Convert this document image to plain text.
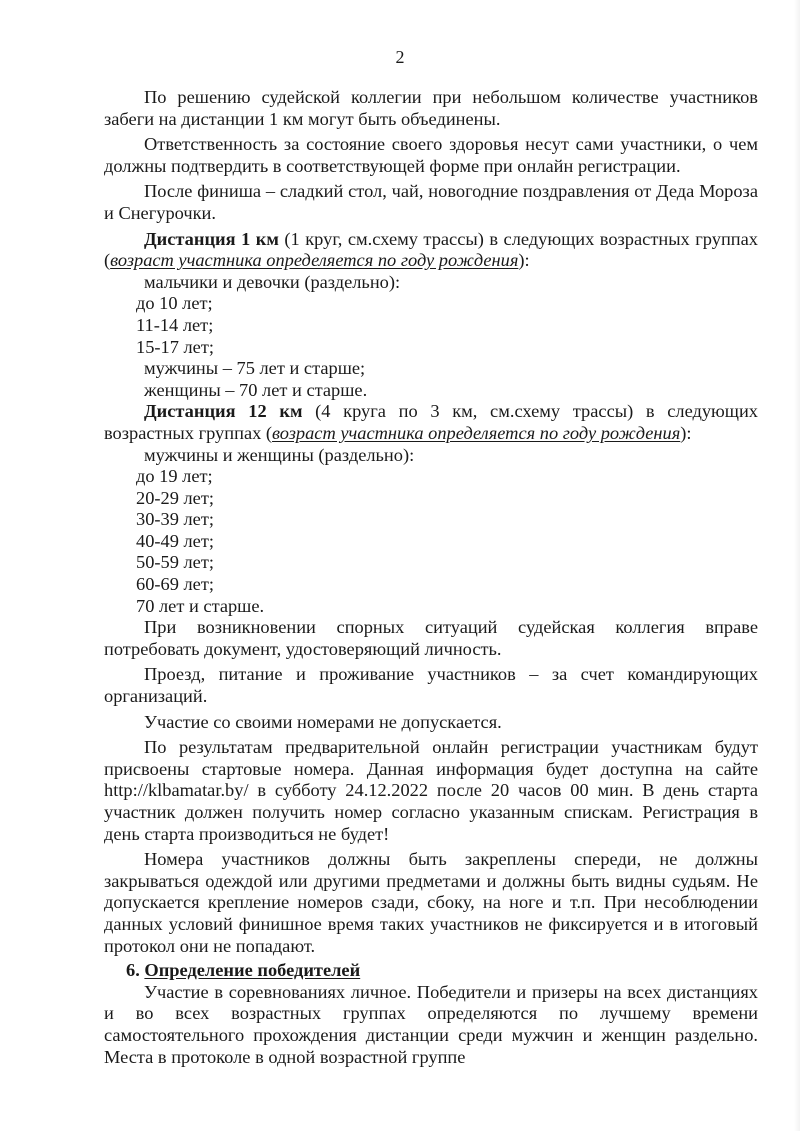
2

По решению судейской коллегии при небольшом количестве участников забеги на дистанции 1 км могут быть объединены.

Ответственность за состояние своего здоровья несут сами участники, о чем должны подтвердить в соответствующей форме при онлайн регистрации.

После финиша – сладкий стол, чай, новогодние поздравления от Деда Мороза и Снегурочки.

Дистанция 1 км (1 круг, см.схему трассы) в следующих возрастных группах (возраст участника определяется по году рождения):

мальчики и девочки (раздельно):

до 10 лет;

11-14 лет;

15-17 лет;

мужчины – 75 лет и старше;

женщины – 70 лет и старше.

Дистанция 12 км (4 круга по 3 км, см.схему трассы) в следующих возрастных группах (возраст участника определяется по году рождения):

мужчины и женщины (раздельно):

до 19 лет;

20-29 лет;

30-39 лет;

40-49 лет;

50-59 лет;

60-69 лет;

70 лет и старше.

При возникновении спорных ситуаций судейская коллегия вправе потребовать документ, удостоверяющий личность.

Проезд, питание и проживание участников – за счет командирующих организаций.

Участие со своими номерами не допускается.

По результатам предварительной онлайн регистрации участникам будут присвоены стартовые номера. Данная информация будет доступна на сайте http://klbamatar.by/ в субботу 24.12.2022 после 20 часов 00 мин. В день старта участник должен получить номер согласно указанным спискам. Регистрация в день старта производиться не будет!

Номера участников должны быть закреплены спереди, не должны закрываться одеждой или другими предметами и должны быть видны судьям. Не допускается крепление номеров сзади, сбоку, на ноге и т.п. При несоблюдении данных условий финишное время таких участников не фиксируется и в итоговый протокол они не попадают.

6. Определение победителей

Участие в соревнованиях личное. Победители и призеры на всех дистанциях и во всех возрастных группах определяются по лучшему времени самостоятельного прохождения дистанции среди мужчин и женщин раздельно. Места в протоколе в одной возрастной группе
